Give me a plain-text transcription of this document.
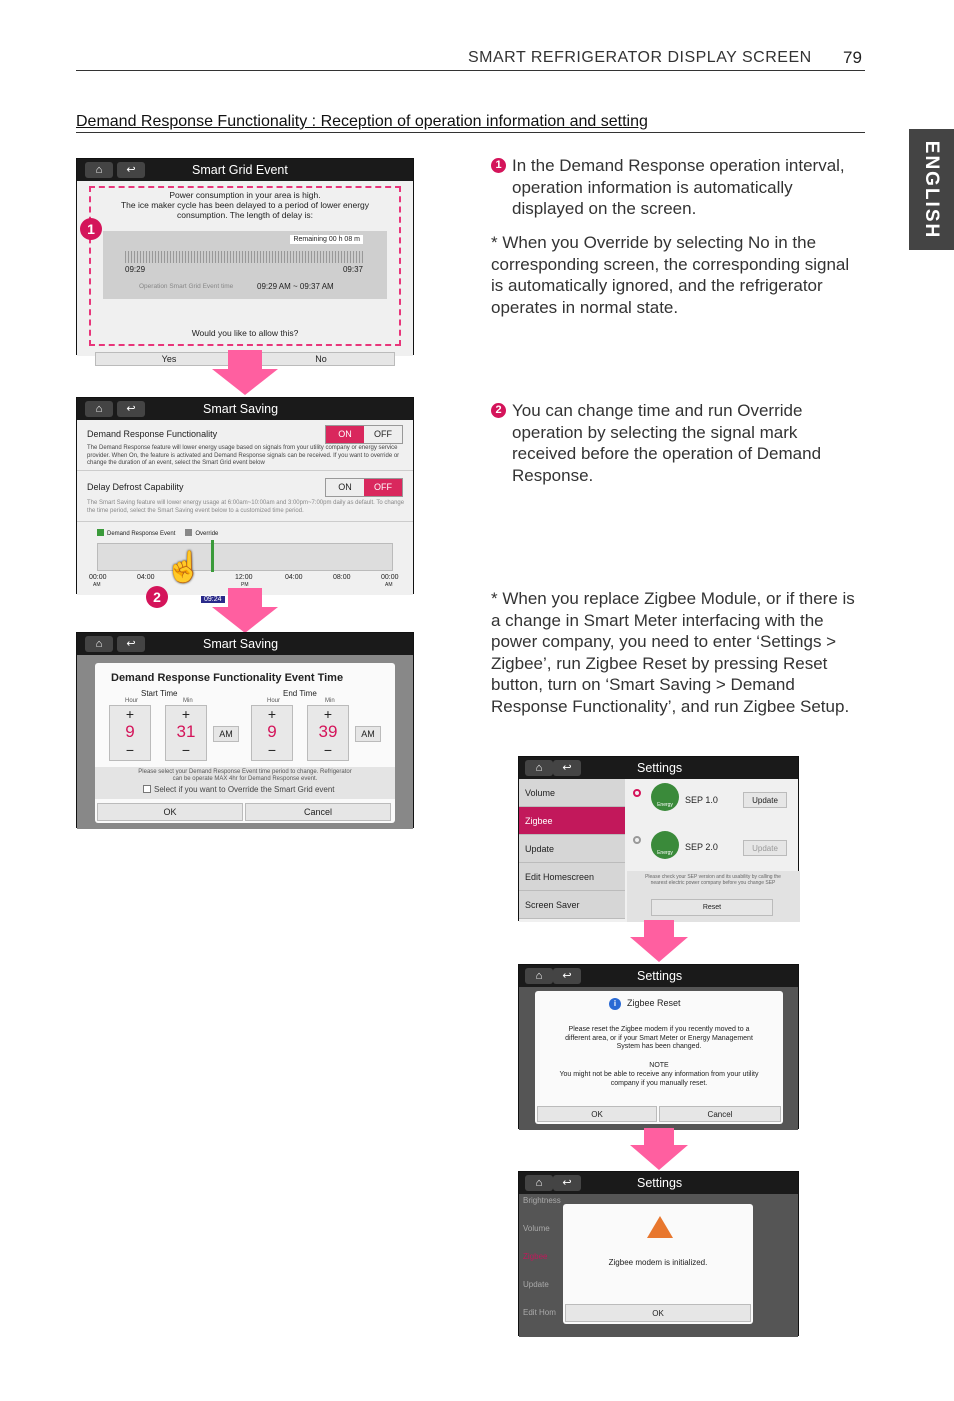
SMART REFRIGERATOR DISPLAY SCREEN 79
Demand Response Functionality : Reception of operation information and setting
ENGLISH
1 In the Demand Response operation interval, operation information is automatically displayed on the screen.
* When you Override by selecting No in the corresponding screen, the corresponding signal is automatically ignored, and the refrigerator operates in normal state.
2 You can change time and run Override operation by selecting the signal mark received before the operation of Demand Response.
* When you replace Zigbee Module, or if there is a change in Smart Meter interfacing with the power company, you need to enter ‘Settings > Zigbee’, run Zigbee Reset by pressing Reset button, turn on ‘Smart Saving > Demand Response Functionality’, and run Zigbee Setup.
⌂	↩	Smart Grid Event
Power consumption in your area is high.
The ice maker cycle has been delayed to a period of lower energy consumption. The length of delay is:
Remaining 00 h 08 m
09:29	09:37
Operation Smart Grid Event time	09:29 AM ~ 09:37 AM
Would you like to allow this?
Yes	No
1
⌂	↩	Smart Saving
Demand Response Functionality	ON	OFF
The Demand Response feature will lower energy usage based on signals from your utility company or energy service provider. When On, the feature is activated and Demand Response signals can be received. If you want to override or change the duration of an event, select the Smart Grid event below
Delay Defrost Capability	ON	OFF
The Smart Saving feature will lower energy usage at 6:00am~10:00am and 3:00pm~7:00pm daily as default. To change the time period, select the Smart Saving event below to a customized time period.
Demand Response Event	Override
09:24
00:00
AM
04:00	12:00
PM
04:00	08:00	00:00
AM
☝
2
⌂	↩	Smart Saving
Demand Response Functionality Event Time
Start Time	End Time
Hour	Min	Hour	Min
+
9
−
+
31
−
AM
+
9
−
+
39
−
AM
Please select your Demand Response Event time period to change. Refrigerator can be operate MAX 4hr for Demand Response event.
Select if you want to Override the Smart Grid event
OK	Cancel
⌂	↩	Settings
Volume
Zigbee
Update
Edit Homescreen
Screen Saver
Energy	SEP 1.0	Update
Energy
SEP 2.0	Update
Please check your SEP version and its usability by calling the nearest electric power company before you change SEP
Reset
⌂	↩	Settings
i	Zigbee Reset
Please reset the Zigbee modem if you recently moved to a different area, or if your Smart Meter or Energy Management System has been changed.
NOTE
You might not be able to receive any information from your utility company if you manually reset.
OK	Cancel
⌂	↩	Settings
Brightness
Volume
Zigbee
Update
Edit Hom
Zigbee modem is initialized.
OK
